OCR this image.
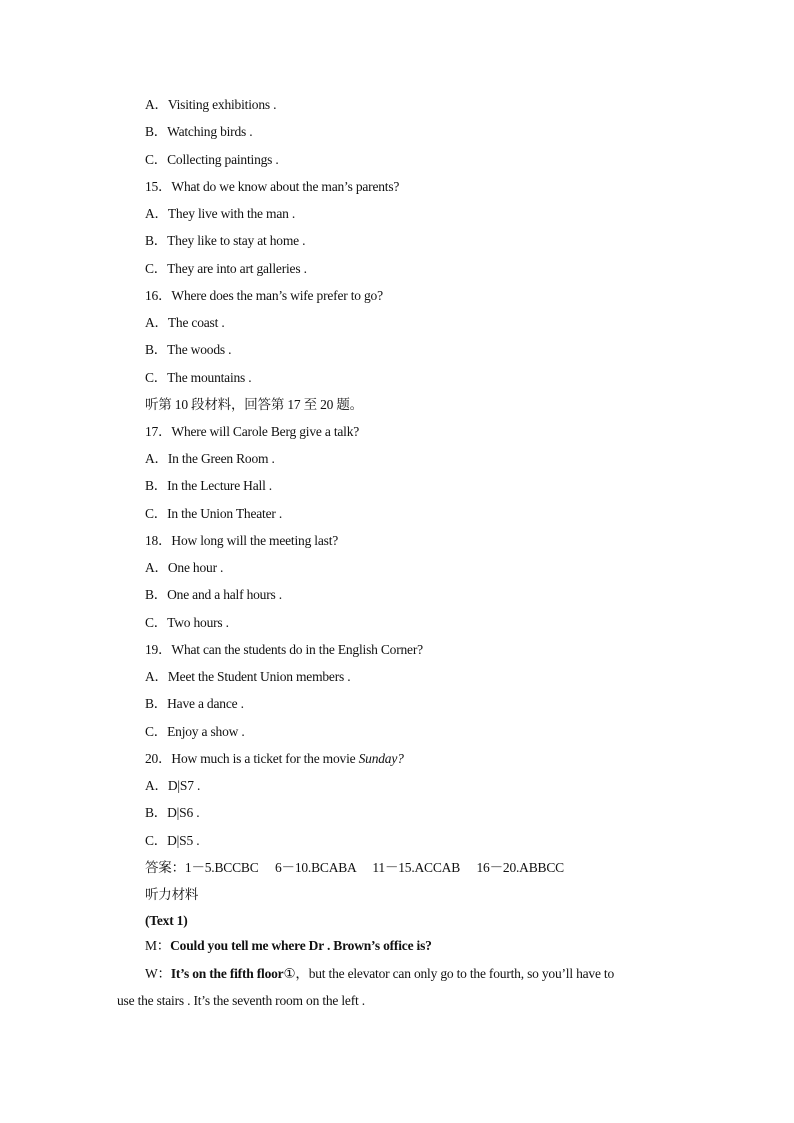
A．Visiting exhibitions .
B．Watching birds .
C．Collecting paintings .
15．What do we know about the man’s parents?
A．They live with the man .
B．They like to stay at home .
C．They are into art galleries .
16．Where does the man’s wife prefer to go?
A．The coast .
B．The woods .
C．The mountains .
听第 10 段材料，回答第 17 至 20 题。
17．Where will Carole Berg give a talk?
A．In the Green Room .
B．In the Lecture Hall .
C．In the Union Theater .
18．How long will the meeting last?
A．One hour .
B．One and a half hours .
C．Two hours .
19．What can the students do in the English Corner?
A．Meet the Student Union members .
B．Have a dance .
C．Enjoy a show .
20．How much is a ticket for the movie Sunday?
A．D|S7 .
B．D|S6 .
C．D|S5 .
答案：1－5.BCCBC　 6－10.BCABA　 11－15.ACCAB　 16－20.ABBCC
听力材料
(Text 1)
M：Could you tell me where Dr . Brown’s office is?
W：It’s on the fifth floor①，but the elevator can only go to the fourth, so you’ll have to
use the stairs . It’s the seventh room on the left .
